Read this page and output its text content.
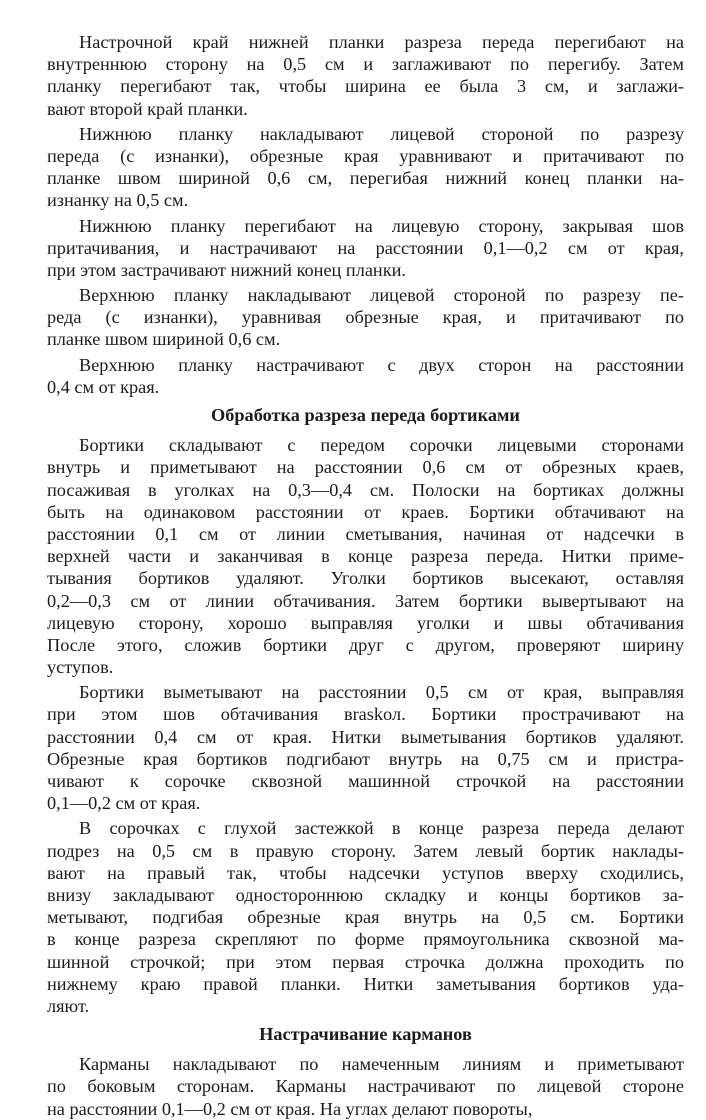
Настрочной край нижней планки разреза переда перегибают на
внутреннюю сторону на 0,5 см и заглаживают по перегибу. Затем
планку перегибают так, чтобы ширина ее была 3 см, и заглажи-
вают второй край планки.
Нижнюю планку накладывают лицевой стороной по разрезу
переда (с изнанки), обрезные края уравнивают и притачивают по
планке швом шириной 0,6 см, перегибая нижний конец планки на-
изнанку на 0,5 см.
Нижнюю планку перегибают на лицевую сторону, закрывая шов
притачивания, и настрачивают на расстоянии 0,1—0,2 см от края,
при этом застрачивают нижний конец планки.
Верхнюю планку накладывают лицевой стороной по разрезу пе-
реда (с изнанки), уравнивая обрезные края, и притачивают по
планке швом шириной 0,6 см.
Верхнюю планку настрачивают с двух сторон на расстоянии
0,4 см от края.
Обработка разреза переда бортиками
Бортики складывают с передом сорочки лицевыми сторонами
внутрь и приметывают на расстоянии 0,6 см от обрезных краев,
посаживая в уголках на 0,3—0,4 см. Полоски на бортиках должны
быть на одинаковом расстоянии от краев. Бортики обтачивают на
расстоянии 0,1 см от линии сметывания, начиная от надсечки в
верхней части и заканчивая в конце разреза переда. Нитки приме-
тывания бортиков удаляют. Уголки бортиков высекают, оставляя
0,2—0,3 см от линии обтачивания. Затем бортики вывертывают на
лицевую сторону, хорошо выправляя уголки и швы обтачивания
После этого, сложив бортики друг с другом, проверяют ширину
уступов.
Бортики выметывают на расстоянии 0,5 см от края, выправляя
при этом шов обтачивания вraskол. Бортики прострачивают на
расстоянии 0,4 см от края. Нитки выметывания бортиков удаляют.
Обрезные края бортиков подгибают внутрь на 0,75 см и пристра-
чивают к сорочке сквозной машинной строчкой на расстоянии
0,1—0,2 см от края.
В сорочках с глухой застежкой в конце разреза переда делают
подрез на 0,5 см в правую сторону. Затем левый бортик наклады-
вают на правый так, чтобы надсечки уступов вверху сходились,
внизу закладывают одностороннюю складку и концы бортиков за-
метывают, подгибая обрезные края внутрь на 0,5 см. Бортики
в конце разреза скрепляют по форме прямоугольника сквозной ма-
шинной строчкой; при этом первая строчка должна проходить по
нижнему краю правой планки. Нитки заметывания бортиков уда-
ляют.
Настрачивание карманов
Карманы накладывают по намеченным линиям и приметывают
по боковым сторонам. Карманы настрачивают по лицевой стороне
на расстоянии 0,1—0,2 см от края. На углах делают повороты,
